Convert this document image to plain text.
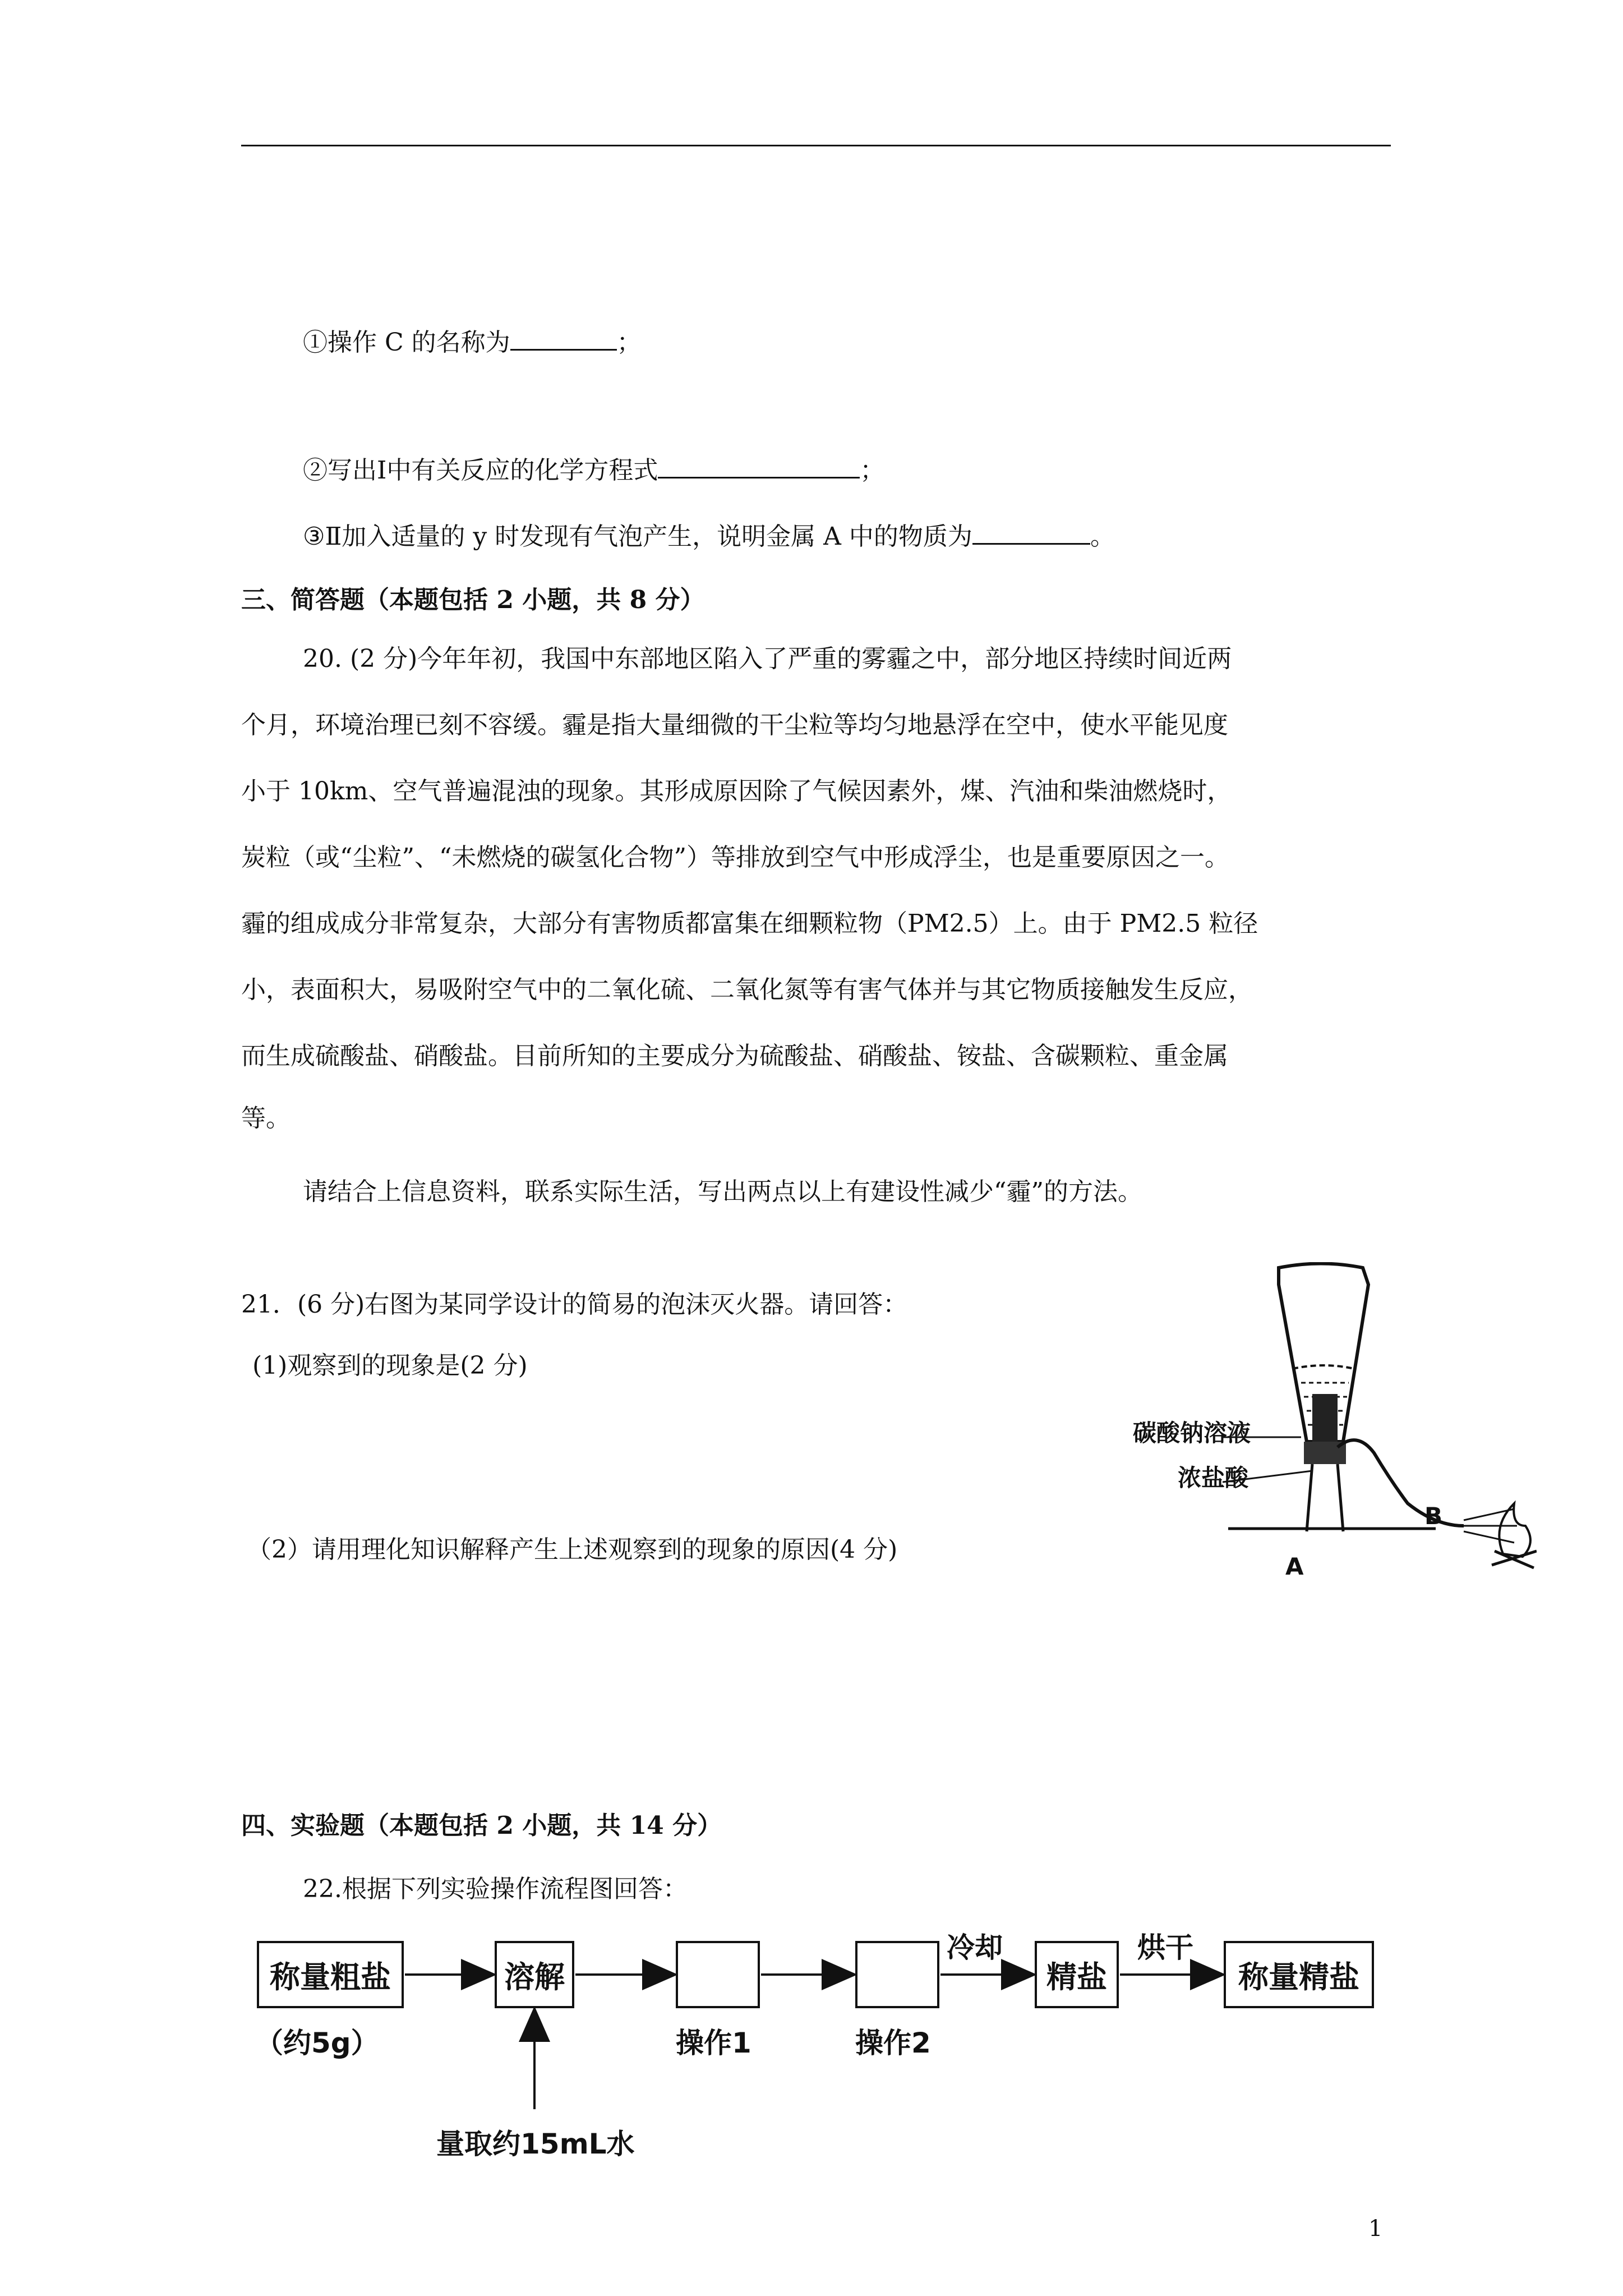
①操作 C 的名称为	；
②写出Ⅰ中有关反应的化学方程式	；
③Ⅱ加入适量的 y 时发现有气泡产生，说明金属 A 中的物质为	。
三、简答题（本题包括 2 小题，共 8 分）
20. (2 分)今年年初，我国中东部地区陷入了严重的雾霾之中，部分地区持续时间近两
个月，环境治理已刻不容缓。霾是指大量细微的干尘粒等均匀地悬浮在空中，使水平能见度
小于 10km、空气普遍混浊的现象。其形成原因除了气候因素外，煤、汽油和柴油燃烧时，
炭粒（或“尘粒”、“未燃烧的碳氢化合物”）等排放到空气中形成浮尘，也是重要原因之一。
霾的组成成分非常复杂，大部分有害物质都富集在细颗粒物（PM2.5）上。由于 PM2.5 粒径
小，表面积大，易吸附空气中的二氧化硫、二氧化氮等有害气体并与其它物质接触发生反应，
而生成硫酸盐、硝酸盐。目前所知的主要成分为硫酸盐、硝酸盐、铵盐、含碳颗粒、重金属
等。
请结合上信息资料，联系实际生活，写出两点以上有建设性减少“霾”的方法。
21．(6 分)右图为某同学设计的简易的泡沫灭火器。请回答：
(1)观察到的现象是(2 分)
（2）请用理化知识解释产生上述观察到的现象的原因(4 分)
碳酸钠溶液
浓盐酸
A
B
四、实验题（本题包括 2 小题，共 14 分）
22.根据下列实验操作流程图回答：
称量粗盐
（约5g）
溶解
量取约15mL水
操作1	操作2
冷却
精盐
烘干
称量精盐
1
